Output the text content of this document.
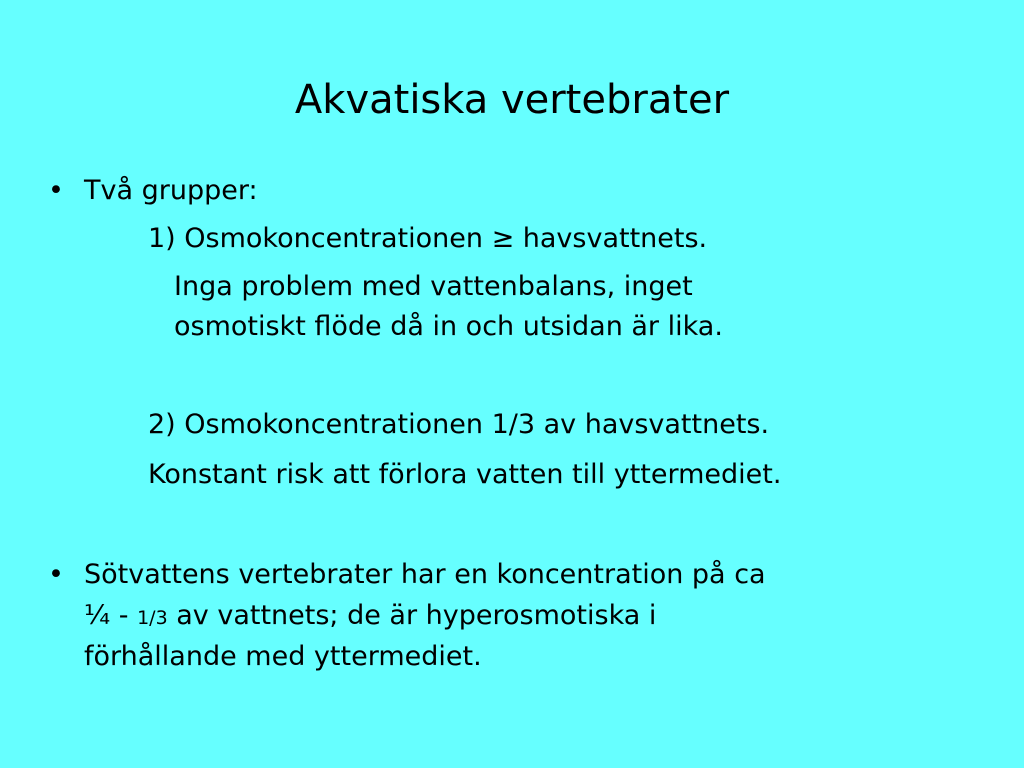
Akvatiska vertebrater
• Två grupper:

1) Osmokoncentrationen ≥ havsvattnets.

Inga problem med vattenbalans, inget

osmotiskt flöde då in och utsidan är lika.

2) Osmokoncentrationen 1/3 av havsvattnets.

Konstant risk att förlora vatten till yttermediet.

• Sötvattens vertebrater har en koncentration på ca

¼ - 1/3 av vattnets; de är hyperosmotiska i

förhållande med yttermediet.
